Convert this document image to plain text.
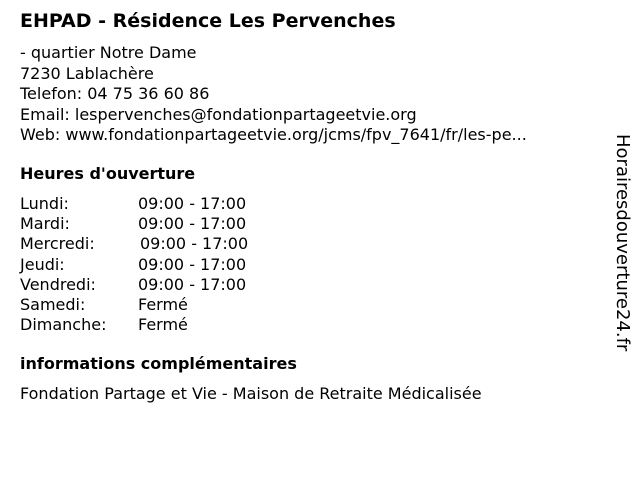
EHPAD - Résidence Les Pervenches
- quartier Notre Dame
7230 Lablachère
Telefon: 04 75 36 60 86
Email: lespervenches@fondationpartageetvie.org
Web: www.fondationpartageetvie.org/jcms/fpv_7641/fr/les-pe...
Heures d'ouverture
Lundi:	09:00 - 17:00
Mardi:	09:00 - 17:00
Mercredi:	09:00 - 17:00
Jeudi:	09:00 - 17:00
Vendredi:	09:00 - 17:00
Samedi:	Fermé
Dimanche: Fermé
informations complémentaires
Fondation Partage et Vie - Maison de Retraite Médicalisée
Horairesdouverture24.fr
